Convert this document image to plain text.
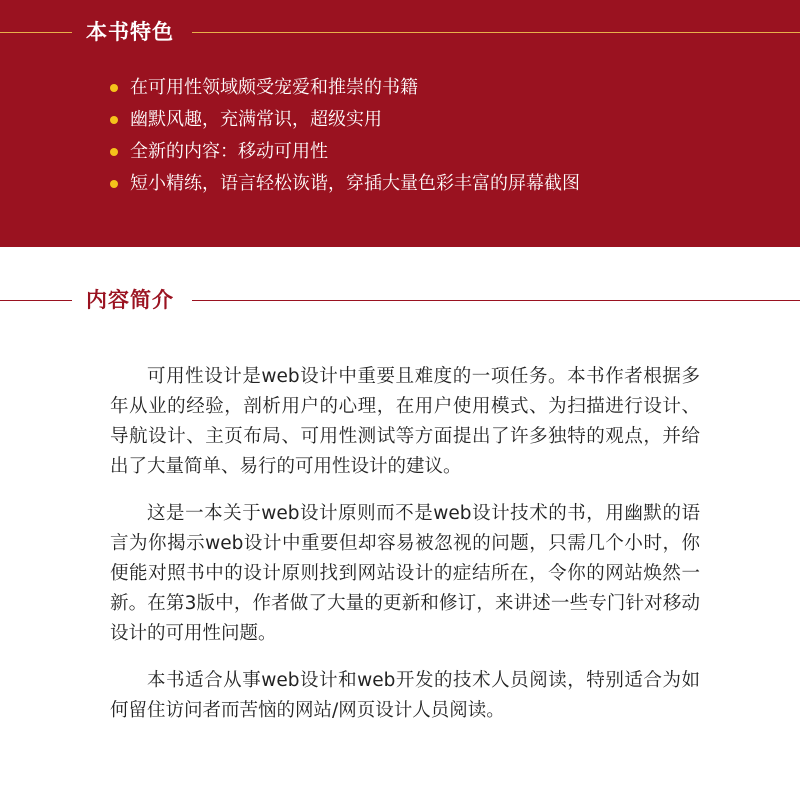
本书特色
在可用性领域颇受宠爱和推崇的书籍
幽默风趣，充满常识，超级实用
全新的内容：移动可用性
短小精练，语言轻松诙谐，穿插大量色彩丰富的屏幕截图
内容简介

可用性设计是web设计中重要且难度的一项任务。本书作者根据多年从业的经验，剖析用户的心理，在用户使用模式、为扫描进行设计、导航设计、主页布局、可用性测试等方面提出了许多独特的观点，并给出了大量简单、易行的可用性设计的建议。

这是一本关于web设计原则而不是web设计技术的书，用幽默的语言为你揭示web设计中重要但却容易被忽视的问题，只需几个小时，你便能对照书中的设计原则找到网站设计的症结所在，令你的网站焕然一新。在第3版中，作者做了大量的更新和修订，来讲述一些专门针对移动设计的可用性问题。

本书适合从事web设计和web开发的技术人员阅读，特别适合为如何留住访问者而苦恼的网站/网页设计人员阅读。
